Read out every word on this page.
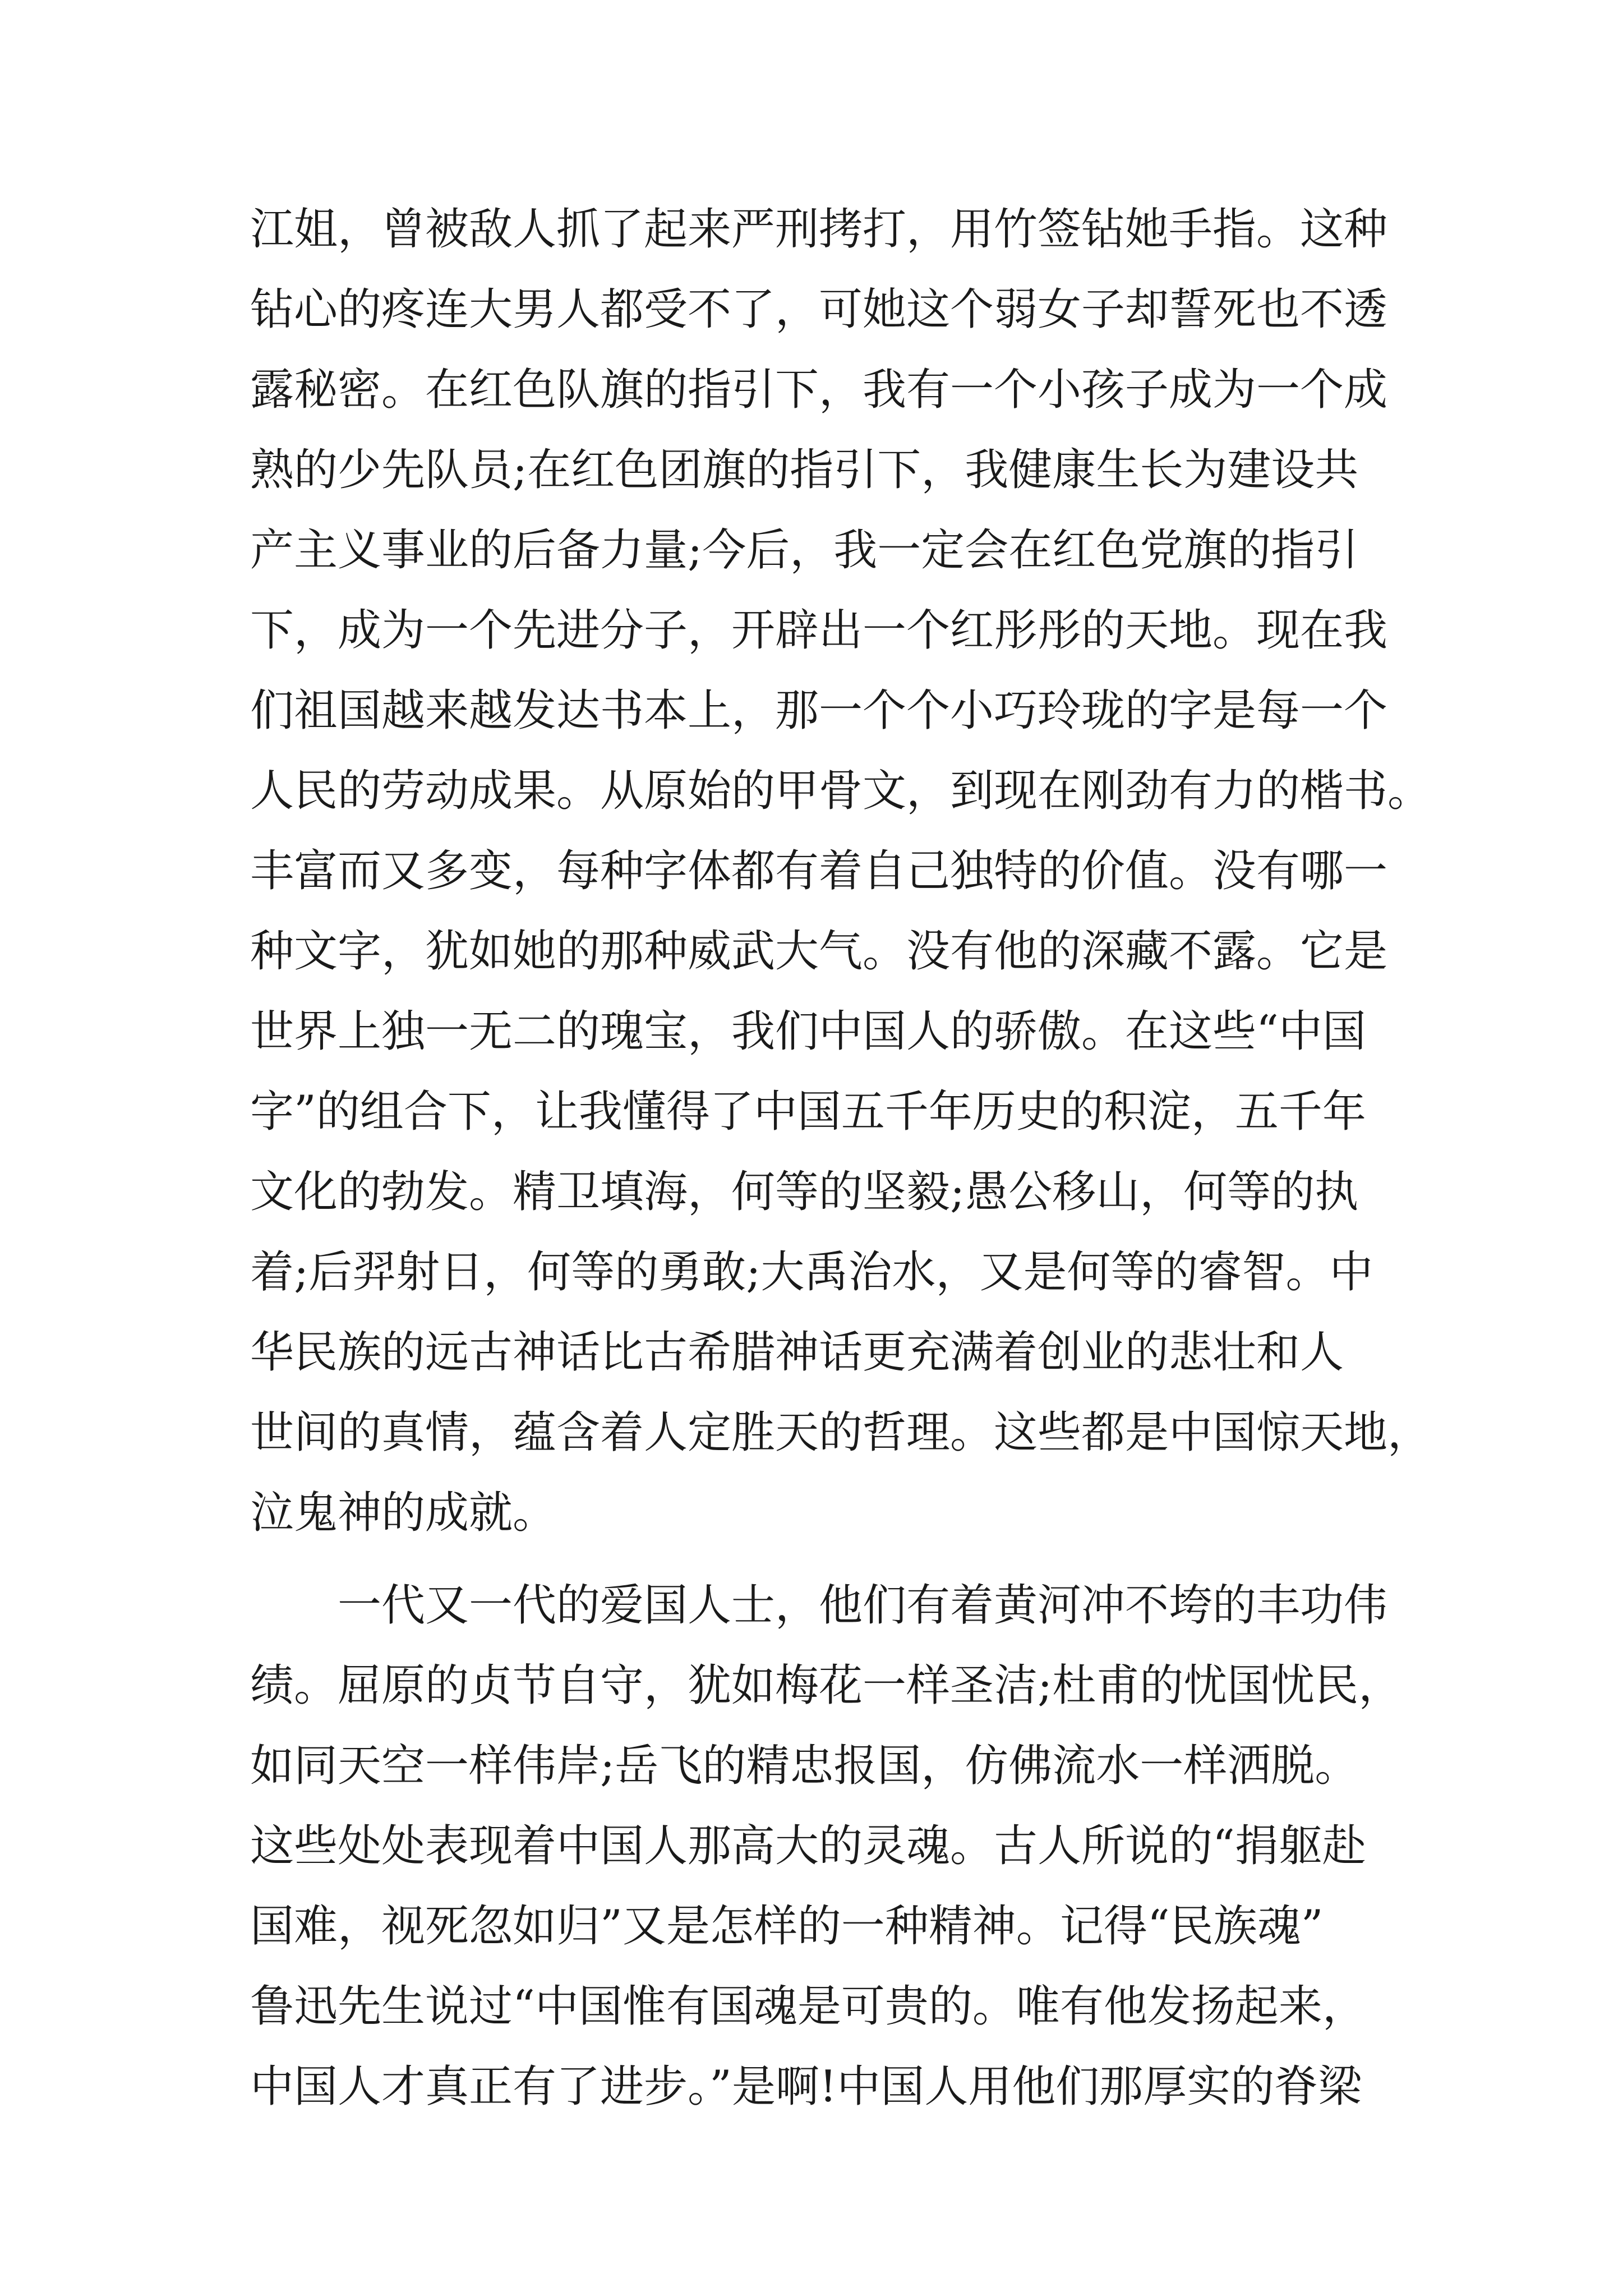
江姐，曾被敌人抓了起来严刑拷打，用竹签钻她手指。这种
钻心的疼连大男人都受不了，可她这个弱女子却誓死也不透
露秘密。在红色队旗的指引下，我有一个小孩子成为一个成
熟的少先队员;在红色团旗的指引下，我健康生长为建设共
产主义事业的后备力量;今后，我一定会在红色党旗的指引
下，成为一个先进分子，开辟出一个红彤彤的天地。现在我
们祖国越来越发达书本上，那一个个小巧玲珑的字是每一个
人民的劳动成果。从原始的甲骨文，到现在刚劲有力的楷书。
丰富而又多变，每种字体都有着自己独特的价值。没有哪一
种文字，犹如她的那种威武大气。没有他的深藏不露。它是
世界上独一无二的瑰宝，我们中国人的骄傲。在这些“中国
字”的组合下，让我懂得了中国五千年历史的积淀，五千年
文化的勃发。精卫填海，何等的坚毅;愚公移山，何等的执
着;后羿射日，何等的勇敢;大禹治水，又是何等的睿智。中
华民族的远古神话比古希腊神话更充满着创业的悲壮和人
世间的真情，蕴含着人定胜天的哲理。这些都是中国惊天地，
泣鬼神的成就。
　　一代又一代的爱国人士，他们有着黄河冲不垮的丰功伟
绩。屈原的贞节自守，犹如梅花一样圣洁;杜甫的忧国忧民，
如同天空一样伟岸;岳飞的精忠报国，仿佛流水一样洒脱。
这些处处表现着中国人那高大的灵魂。古人所说的“捐躯赴
国难，视死忽如归”又是怎样的一种精神。记得“民族魂”
鲁迅先生说过“中国惟有国魂是可贵的。唯有他发扬起来，
中国人才真正有了进步。”是啊!中国人用他们那厚实的脊梁
